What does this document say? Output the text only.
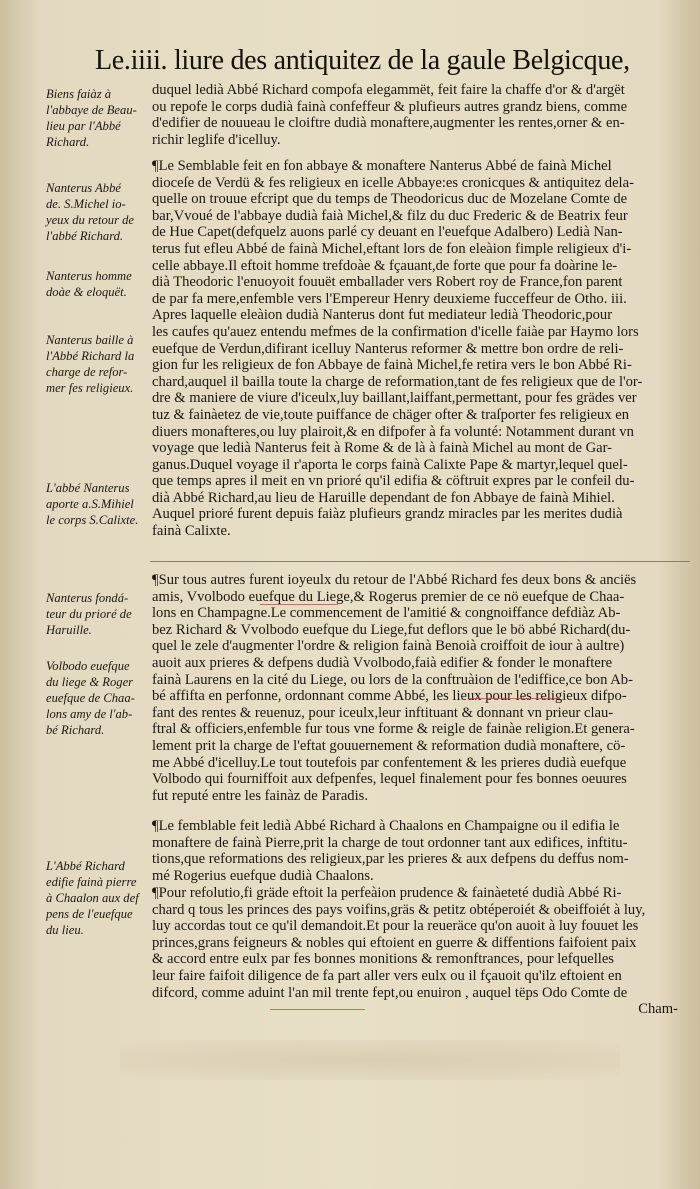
Le.iiii. liure des antiquitez de la gaule Belgicque,
duquel ledià Abbé Richard compofa elegammët, feit faire la chaffe d'or & d'argët
ou repofe le corps dudià fainà confeffeur & plufieurs autres grandz biens, comme
d'edifier de nouueau le cloiftre dudià monaftere,augmenter les rentes,orner & en-
richir leglife d'icelluy.
¶Le Semblable feit en fon abbaye & monaftere Nanterus Abbé de fainà Michel
dioceſe de Verdü & fes religieux en icelle Abbaye:es cronicques & antiquitez dela-
quelle on trouue efcript que du temps de Theodoricus duc de Mozelane Comte de
bar,Vvoué de l'abbaye dudià faià Michel,& filz du duc Frederic & de Beatrix feur
de Hue Capet(defquelz auons parlé cy deuant en l'euefque Adalbero) Ledià Nan-
terus fut efleu Abbé de fainà Michel,eftant lors de fon eleàion fimple religieux d'i-
celle abbaye.Il eftoit homme trefdoàe & fçauant,de forte que pour fa doàrine le-
dià Theodoric l'enuoyoit fouuët emballader vers Robert roy de France,fon parent
de par fa mere,enfemble vers l'Empereur Henry deuxieme fucceffeur de Otho. iii.
Apres laquelle eleàion dudià Nanterus dont fut mediateur ledià Theodoric,pour
les caufes qu'auez entendu mefmes de la confirmation d'icelle faiàe par Haymo lors
euefque de Verdun,difirant icelluy Nanterus reformer & mettre bon ordre de reli-
gion fur les religieux de fon Abbaye de fainà Michel,fe retira vers le bon Abbé Ri-
chard,auquel il bailla toute la charge de reformation,tant de fes religieux que de l'or-
dre & maniere de viure d'iceulx,luy baillant,laiffant,permettant, pour fes grädes ver
tuz & fainàetez de vie,toute puiffance de chäger ofter & traſporter fes religieux en
diuers monafteres,ou luy plairoit,& en difpofer à fa volunté: Notamment durant vn
voyage que ledià Nanterus feit à Rome & de là à fainà Michel au mont de Gar-
ganus.Duquel voyage il r'aporta le corps fainà Calixte Pape & martyr,lequel quel-
que temps apres il meit en vn prioré qu'il edifia & cöftruit expres par le confeil du-
dià Abbé Richard,au lieu de Haruille dependant de fon Abbaye de fainà Mihiel.
Auquel prioré furent depuis faiàz plufieurs grandz miracles par les merites dudià
fainà Calixte.
¶Sur tous autres furent ioyeulx du retour de l'Abbé Richard fes deux bons & anciës
amis, Vvolbodo euefque du Liege,& Rogerus premier de ce nö euefque de Chaa-
lons en Champagne.Le commencement de l'amitié & congnoiffance defdiàz Ab-
bez Richard & Vvolbodo euefque du Liege,fut deflors que le bö abbé Richard(du-
quel le zele d'augmenter l'ordre & religion fainà Benoià croiffoit de iour à aultre)
auoit aux prieres & defpens dudià Vvolbodo,faià edifier & fonder le monaftere
fainà Laurens en la cité du Liege, ou lors de la conftruàion de l'ediffice,ce bon Ab-
bé affifta en perfonne, ordonnant comme Abbé, les lieux pour les religieux difpo-
fant des rentes & reuenuz, pour iceulx,leur inftituant & donnant vn prieur clau-
ftral & officiers,enfemble fur tous vne forme & reigle de fainàe religion.Et genera-
lement prit la charge de l'eftat gouuernement & reformation dudià monaftere, cö-
me Abbé d'icelluy.Le tout toutefois par confentement & les prieres dudià euefque
Volbodo qui fourniffoit aux defpenfes, lequel finalement pour fes bonnes oeuures
fut reputé entre les fainàz de Paradis.
¶Le femblable feit ledià Abbé Richard à Chaalons en Champaigne ou il edifia le
monaftere de fainà Pierre,prit la charge de tout ordonner tant aux edifices, inftitu-
tions,que reformations des religieux,par les prieres & aux defpens du deffus nom-
mé Rogerius euefque dudià Chaalons.
¶Pour refolutio,fi gräde eftoit la perfeàion prudence & fainàeteté dudià Abbé Ri-
chard q tous les princes des pays voifins,gräs & petitz obtéperoiét & obeiffoiét à luy,
luy accordas tout ce qu'il demandoit.Et pour la reueräce qu'on auoit à luy fouuet les
princes,grans feigneurs & nobles qui eftoient en guerre & diffentions faifoient paix
& accord entre eulx par fes bonnes monitions & remonftrances, pour lefquelles
leur faire faifoit diligence de fa part aller vers eulx ou il fçauoit qu'ilz eftoient en
difcord, comme aduint l'an mil trente fept,ou enuiron , auquel tëps Odo Comte de
Cham-
Biens faiàz à
l'abbaye de Beau-
lieu par l'Abbé
Richard.
Nanterus Abbé
de. S.Michel io-
yeux du retour de
l'abbé Richard.
Nanterus homme
doàe & eloquët.
Nanterus baille à
l'Abbé Richard la
charge de refor-
mer fes religieux.
L'abbé Nanterus
aporte a.S.Mihiel
le corps S.Calixte.
Nanterus fondá-
teur du prioré de
Haruille.
Volbodo euefque
du liege & Roger
euefque de Chaa-
lons amy de l'ab-
bé Richard.
L'Abbé Richard
edifie fainà pierre
à Chaalon aux def
pens de l'euefque
du lieu.
